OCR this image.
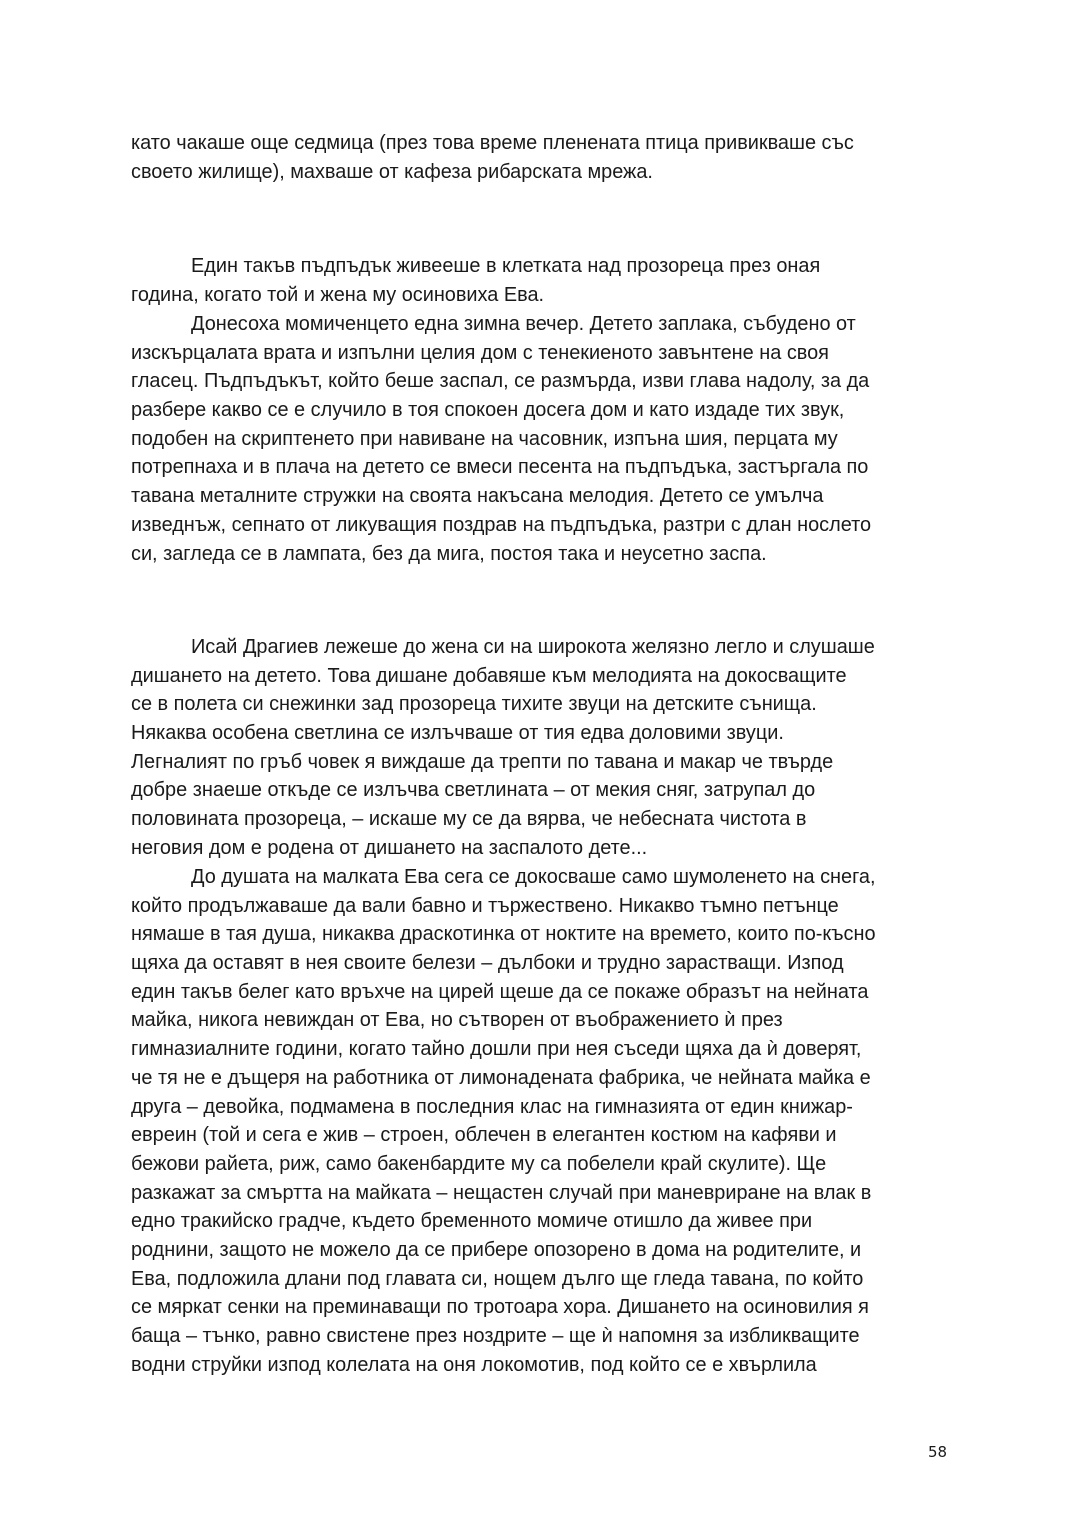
като чакаше още седмица (през това време пленената птица привикваше със
своето жилище), махваше от кафеза рибарската мрежа.
Един такъв пъдпъдък живееше в клетката над прозореца през оная
година, когато той и жена му осиновиха Ева.
Донесоха момиченцето една зимна вечер. Детето заплака, събудено от
изскърцалата врата и изпълни целия дом с тенекиеното завънтене на своя
гласец. Пъдпъдъкът, който беше заспал, се размърда, изви глава надолу, за да
разбере какво се е случило в тоя спокоен досега дом и като издаде тих звук,
подобен на скриптенето при навиване на часовник, изпъна шия, перцата му
потрепнаха и в плача на детето се вмеси песента на пъдпъдъка, застъргала по
тавана металните стружки на своята накъсана мелодия. Детето се умълча
изведнъж, сепнато от ликуващия поздрав на пъдпъдъка, разтри с длан нослето
си, загледа се в лампата, без да мига, постоя така и неусетно заспа.
Исай Драгиев лежеше до жена си на широкота желязно легло и слушаше
дишането на детето. Това дишане добавяше към мелодията на докосващите
се в полета си снежинки зад прозореца тихите звуци на детските сънища.
Някаква особена светлина се излъчваше от тия едва доловими звуци.
Легналият по гръб човек я виждаше да трепти по тавана и макар че твърде
добре знаеше откъде се излъчва светлината – от мекия сняг, затрупал до
половината прозореца, – искаше му се да вярва, че небесната чистота в
неговия дом е родена от дишането на заспалото дете...
До душата на малката Ева сега се докосваше само шумоленето на снега,
който продължаваше да вали бавно и тържествено. Никакво тъмно петънце
нямаше в тая душа, никаква драскотинка от ноктите на времето, които по-късно
щяха да оставят в нея своите белези – дълбоки и трудно зарастващи. Изпод
един такъв белег като връхче на цирей щеше да се покаже образът на нейната
майка, никога невиждан от Ева, но сътворен от въображението ѝ през
гимназиалните години, когато тайно дошли при нея съседи щяха да ѝ доверят,
че тя не е дъщеря на работника от лимонадената фабрика, че нейната майка е
друга – девойка, подмамена в последния клас на гимназията от един книжар-
евреин (той и сега е жив – строен, облечен в елегантен костюм на кафяви и
бежови райета, риж, само бакенбардите му са побелели край скулите). Ще
разкажат за смъртта на майката – нещастен случай при маневриране на влак в
едно тракийско градче, където бременното момиче отишло да живее при
роднини, защото не можело да се прибере опозорено в дома на родителите, и
Ева, подложила длани под главата си, нощем дълго ще гледа тавана, по който
се мяркат сенки на преминаващи по тротоара хора. Дишането на осиновилия я
баща – тънко, равно свистене през ноздрите – ще ѝ напомня за избликващите
водни струйки изпод колелата на оня локомотив, под който се е хвърлила
58
